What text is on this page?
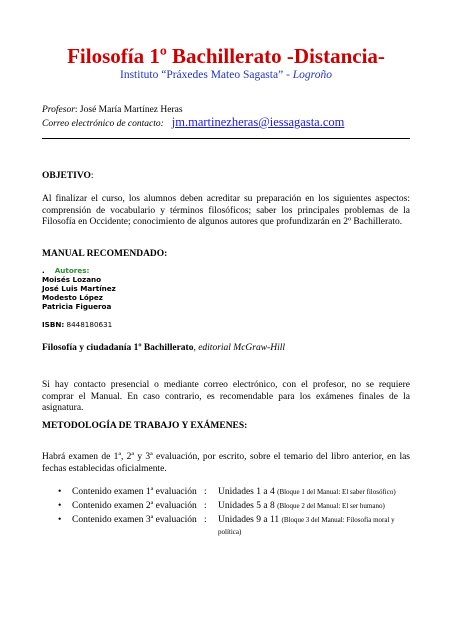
Filosofía 1º Bachillerato -Distancia-
Instituto “Práxedes Mateo Sagasta” - Logroño
Profesor: José María Martínez Heras
Correo electrónico de contacto: jm.martinezheras@iessagasta.com
OBJETIVO:
Al finalizar el curso, los alumnos deben acreditar su preparación en los siguientes aspectos: comprensión de vocabulario y términos filosóficos; saber los principales problemas de la Filosofía en Occidente; conocimiento de algunos autores que profundizarán en 2º Bachillerato.
MANUAL RECOMENDADO:
. Autores:
Moisés Lozano
José Luis Martínez
Modesto López
Patricia Figueroa
ISBN: 8448180631
Filosofía y ciudadanía 1º Bachillerato, editorial McGraw-Hill
Si hay contacto presencial o mediante correo electrónico, con el profesor, no se requiere comprar el Manual. En caso contrario, es recomendable para los exámenes finales de la asignatura.
METODOLOGÍA DE TRABAJO Y EXÁMENES:
Habrá examen de 1ª, 2ª y 3ª evaluación, por escrito, sobre el temario del libro anterior, en las fechas establecidas oficialmente.
• Contenido examen 1ª evaluación : Unidades 1 a 4 (Bloque 1 del Manual: El saber filosófico)
• Contenido examen 2ª evaluación : Unidades 5 a 8 (Bloque 2 del Manual: El ser humano)
• Contenido examen 3ª evaluación : Unidades 9 a 11 (Bloque 3 del Manual: Filosofía moral y política)
